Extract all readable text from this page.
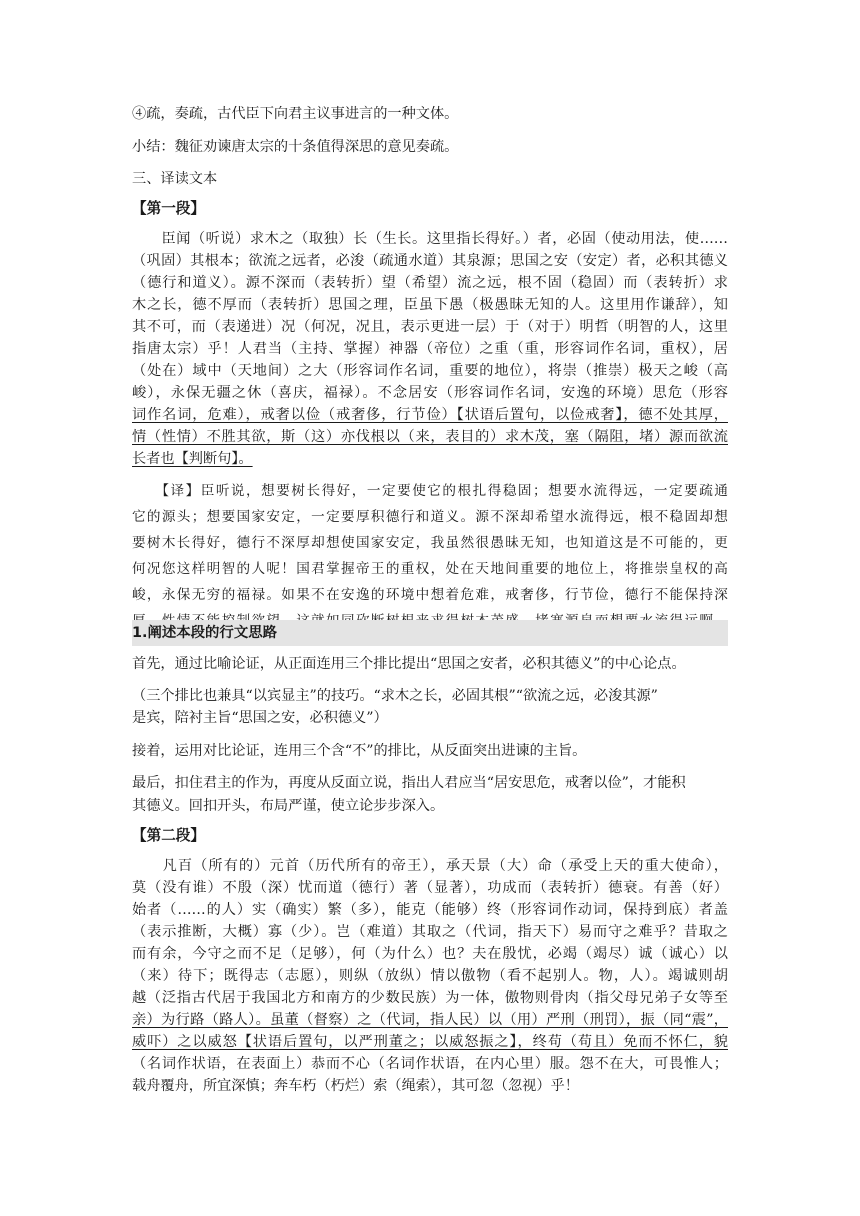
④疏，奏疏，古代臣下向君主议事进言的一种文体。
小结：魏征劝谏唐太宗的十条值得深思的意见奏疏。
三、译读文本
【第一段】
　　臣闻（听说）求木之（取独）长（生长。这里指长得好。）者，必固（使动用法，使……
（巩固）其根本；欲流之远者，必浚（疏通水道）其泉源；思国之安（安定）者，必积其德义
（德行和道义）。源不深而（表转折）望（希望）流之远，根不固（稳固）而（表转折）求
木之长，德不厚而（表转折）思国之理，臣虽下愚（极愚昧无知的人。这里用作谦辞），知
其不可，而（表递进）况（何况，况且，表示更进一层）于（对于）明哲（明智的人，这里
指唐太宗）乎！人君当（主持、掌握）神器（帝位）之重（重，形容词作名词，重权），居
（处在）域中（天地间）之大（形容词作名词，重要的地位），将崇（推崇）极天之峻（高
峻），永保无疆之休（喜庆，福禄）。不念居安（形容词作名词，安逸的环境）思危（形容
词作名词，危难），戒奢以俭（戒奢侈，行节俭）【状语后置句，以俭戒奢】，德不处其厚，
情（性情）不胜其欲，斯（这）亦伐根以（来，表目的）求木茂，塞（隔阻，堵）源而欲流
长者也【判断句】。
　　【译】臣听说，想要树长得好，一定要使它的根扎得稳固；想要水流得远，一定要疏通
它的源头；想要国家安定，一定要厚积德行和道义。源不深却希望水流得远，根不稳固却想
要树木长得好，德行不深厚却想使国家安定，我虽然很愚昧无知，也知道这是不可能的，更
何况您这样明智的人呢！国君掌握帝王的重权，处在天地间重要的地位上，将推崇皇权的高
峻，永保无穷的福禄。如果不在安逸的环境中想着危难，戒奢侈，行节俭，德行不能保持深
1.阐述本段的行文思路
首先，通过比喻论证，从正面连用三个排比提出“思国之安者，必积其德义”的中心论点。
（三个排比也兼具“以宾显主”的技巧。“求木之长，必固其根”“欲流之远，必浚其源”
是宾，陪衬主旨“思国之安，必积德义”）
接着，运用对比论证，连用三个含“不”的排比，从反面突出进谏的主旨。
最后，扣住君主的作为，再度从反面立说，指出人君应当“居安思危，戒奢以俭”，才能积
其德义。回扣开头，布局严谨，使立论步步深入。
【第二段】
　　凡百（所有的）元首（历代所有的帝王），承天景（大）命（承受上天的重大使命），
莫（没有谁）不殷（深）忧而道（德行）著（显著），功成而（表转折）德衰。有善（好）
始者（……的人）实（确实）繁（多），能克（能够）终（形容词作动词，保持到底）者盖
（表示推断，大概）寡（少）。岂（难道）其取之（代词，指天下）易而守之难乎？昔取之
而有余，今守之而不足（足够），何（为什么）也？夫在殷忧，必竭（竭尽）诚（诚心）以
（来）待下；既得志（志愿），则纵（放纵）情以傲物（看不起别人。物，人）。竭诚则胡
越（泛指古代居于我国北方和南方的少数民族）为一体，傲物则骨肉（指父母兄弟子女等至
亲）为行路（路人）。虽董（督察）之（代词，指人民）以（用）严刑（刑罚），振（同“震”，
威吓）之以威怒【状语后置句，以严刑董之；以威怒振之】，终苟（苟且）免而不怀仁，貌
（名词作状语，在表面上）恭而不心（名词作状语，在内心里）服。怨不在大，可畏惟人；
载舟覆舟，所宜深慎；奔车朽（朽烂）索（绳索），其可忽（忽视）乎！
